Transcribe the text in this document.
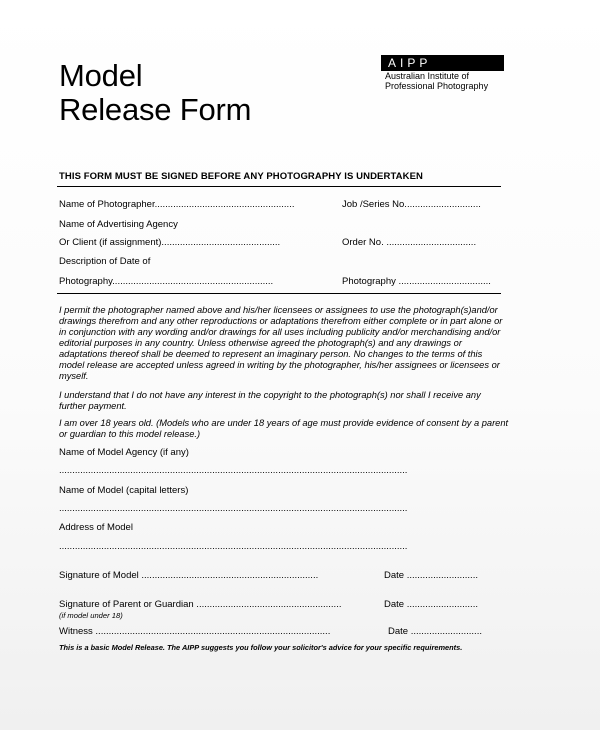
Model
Release Form
AIPP
Australian Institute of
Professional Photography
THIS FORM MUST BE SIGNED BEFORE ANY PHOTOGRAPHY IS UNDERTAKEN
Name of Photographer.....................................................	Job /Series No.............................
Name of Advertising Agency
Or Client (if assignment).............................................	Order No. ..................................
Description of Date of
Photography.............................................................	Photography ...................................
I permit the photographer named above and his/her licensees or assignees to use the photograph(s)and/or drawings therefrom and any other reproductions or adaptations therefrom either complete or in part alone or in conjunction with any wording and/or drawings for all uses including publicity and/or merchandising and/or editorial purposes in any country. Unless otherwise agreed the photograph(s) and any drawings or adaptations thereof shall be deemed to represent an imaginary person. No changes to the terms of this model release are accepted unless agreed in writing by the photographer, his/her assignees or licensees or myself.
I understand that I do not have any interest in the copyright to the photograph(s) nor shall I receive any further payment.
I am over 18 years old. (Models who are under 18 years of age must provide evidence of consent by a parent or guardian to this model release.)
Name of Model Agency (if any)
....................................................................................................................................
Name of Model (capital letters)
....................................................................................................................................
Address of Model
....................................................................................................................................
Signature of Model ...................................................................	Date ...........................
Signature of Parent or Guardian .......................................................	Date ...........................
(if model under 18)
Witness .........................................................................................	Date ...........................
This is a basic Model Release. The AIPP suggests you follow your solicitor's advice for your specific requirements.
